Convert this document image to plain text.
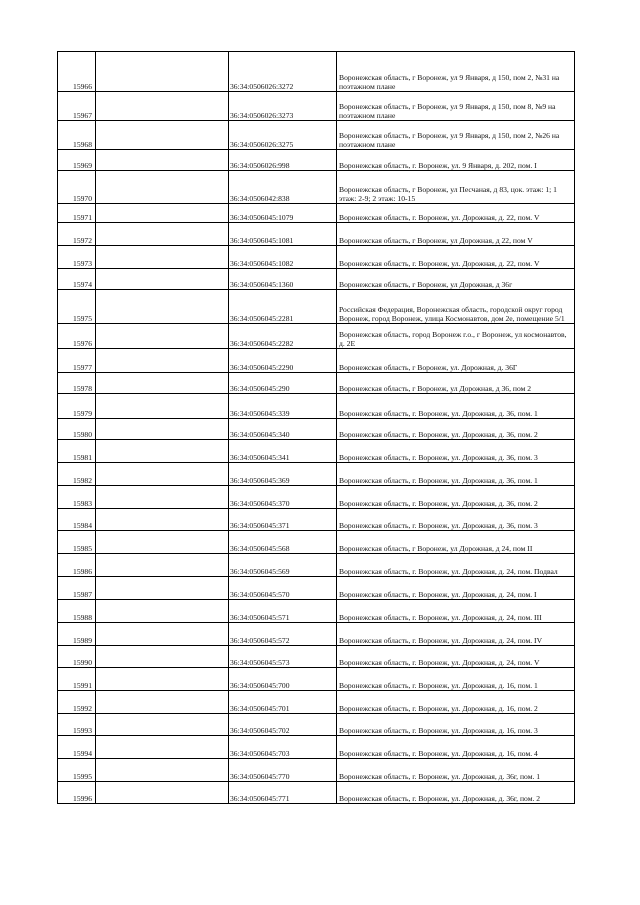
15966		36:34:0506026:3272	Воронежская область, г Воронеж, ул 9 Января, д 150, пом 2, №31 на поэтажном плане
15967		36:34:0506026:3273	Воронежская область, г Воронеж, ул 9 Января, д 150, пом 8, №9 на поэтажном плане
15968		36:34:0506026:3275	Воронежская область, г Воронеж, ул 9 Января, д 150, пом 2, №26 на поэтажном плане
15969		36:34:0506026:998	Воронежская область, г. Воронеж, ул. 9 Января, д. 202, пом. I
15970		36:34:0506042:838	Воронежская область, г Воронеж, ул Песчаная, д 83, цок. этаж: 1; 1 этаж: 2-9; 2 этаж: 10-15
15971		36:34:0506045:1079	Воронежская область, г. Воронеж, ул. Дорожная, д. 22, пом. V
15972		36:34:0506045:1081	Воронежская область, г Воронеж, ул Дорожная, д 22, пом V
15973		36:34:0506045:1082	Воронежская область, г. Воронеж, ул. Дорожная, д. 22, пом. V
15974		36:34:0506045:1360	Воронежская область, г Воронеж, ул Дорожная, д 36г
15975		36:34:0506045:2281	Российская Федерация, Воронежская область, городской округ город Воронеж, город Воронеж, улица Космонавтов, дом 2е, помещение 5/1
15976		36:34:0506045:2282	Воронежская область, город Воронеж г.о., г Воронеж, ул космонавтов, д. 2Е
15977		36:34:0506045:2290	Воронежская область, г Воронеж, ул. Дорожная, д. 36Г
15978		36:34:0506045:290	Воронежская область, г Воронеж, ул Дорожная, д 36, пом 2
15979		36:34:0506045:339	Воронежская область, г. Воронеж, ул. Дорожная, д. 36, пом. 1
15980		36:34:0506045:340	Воронежская область, г. Воронеж, ул. Дорожная, д. 36, пом. 2
15981		36:34:0506045:341	Воронежская область, г. Воронеж, ул. Дорожная, д. 36, пом. 3
15982		36:34:0506045:369	Воронежская область, г. Воронеж, ул. Дорожная, д. 36, пом. 1
15983		36:34:0506045:370	Воронежская область, г. Воронеж, ул. Дорожная, д. 36, пом. 2
15984		36:34:0506045:371	Воронежская область, г. Воронеж, ул. Дорожная, д. 36, пом. 3
15985		36:34:0506045:568	Воронежская область, г Воронеж, ул Дорожная, д 24, пом II
15986		36:34:0506045:569	Воронежская область, г. Воронеж, ул. Дорожная, д. 24, пом. Подвал
15987		36:34:0506045:570	Воронежская область, г. Воронеж, ул. Дорожная, д. 24, пом. I
15988		36:34:0506045:571	Воронежская область, г. Воронеж, ул. Дорожная, д. 24, пом. III
15989		36:34:0506045:572	Воронежская область, г. Воронеж, ул. Дорожная, д. 24, пом. IV
15990		36:34:0506045:573	Воронежская область, г. Воронеж, ул. Дорожная, д. 24, пом. V
15991		36:34:0506045:700	Воронежская область, г. Воронеж, ул. Дорожная, д. 16, пом. 1
15992		36:34:0506045:701	Воронежская область, г. Воронеж, ул. Дорожная, д. 16, пом. 2
15993		36:34:0506045:702	Воронежская область, г. Воронеж, ул. Дорожная, д. 16, пом. 3
15994		36:34:0506045:703	Воронежская область, г. Воронеж, ул. Дорожная, д. 16, пом. 4
15995		36:34:0506045:770	Воронежская область, г. Воронеж, ул. Дорожная, д. 36г, пом. 1
15996		36:34:0506045:771	Воронежская область, г. Воронеж, ул. Дорожная, д. 36г, пом. 2
